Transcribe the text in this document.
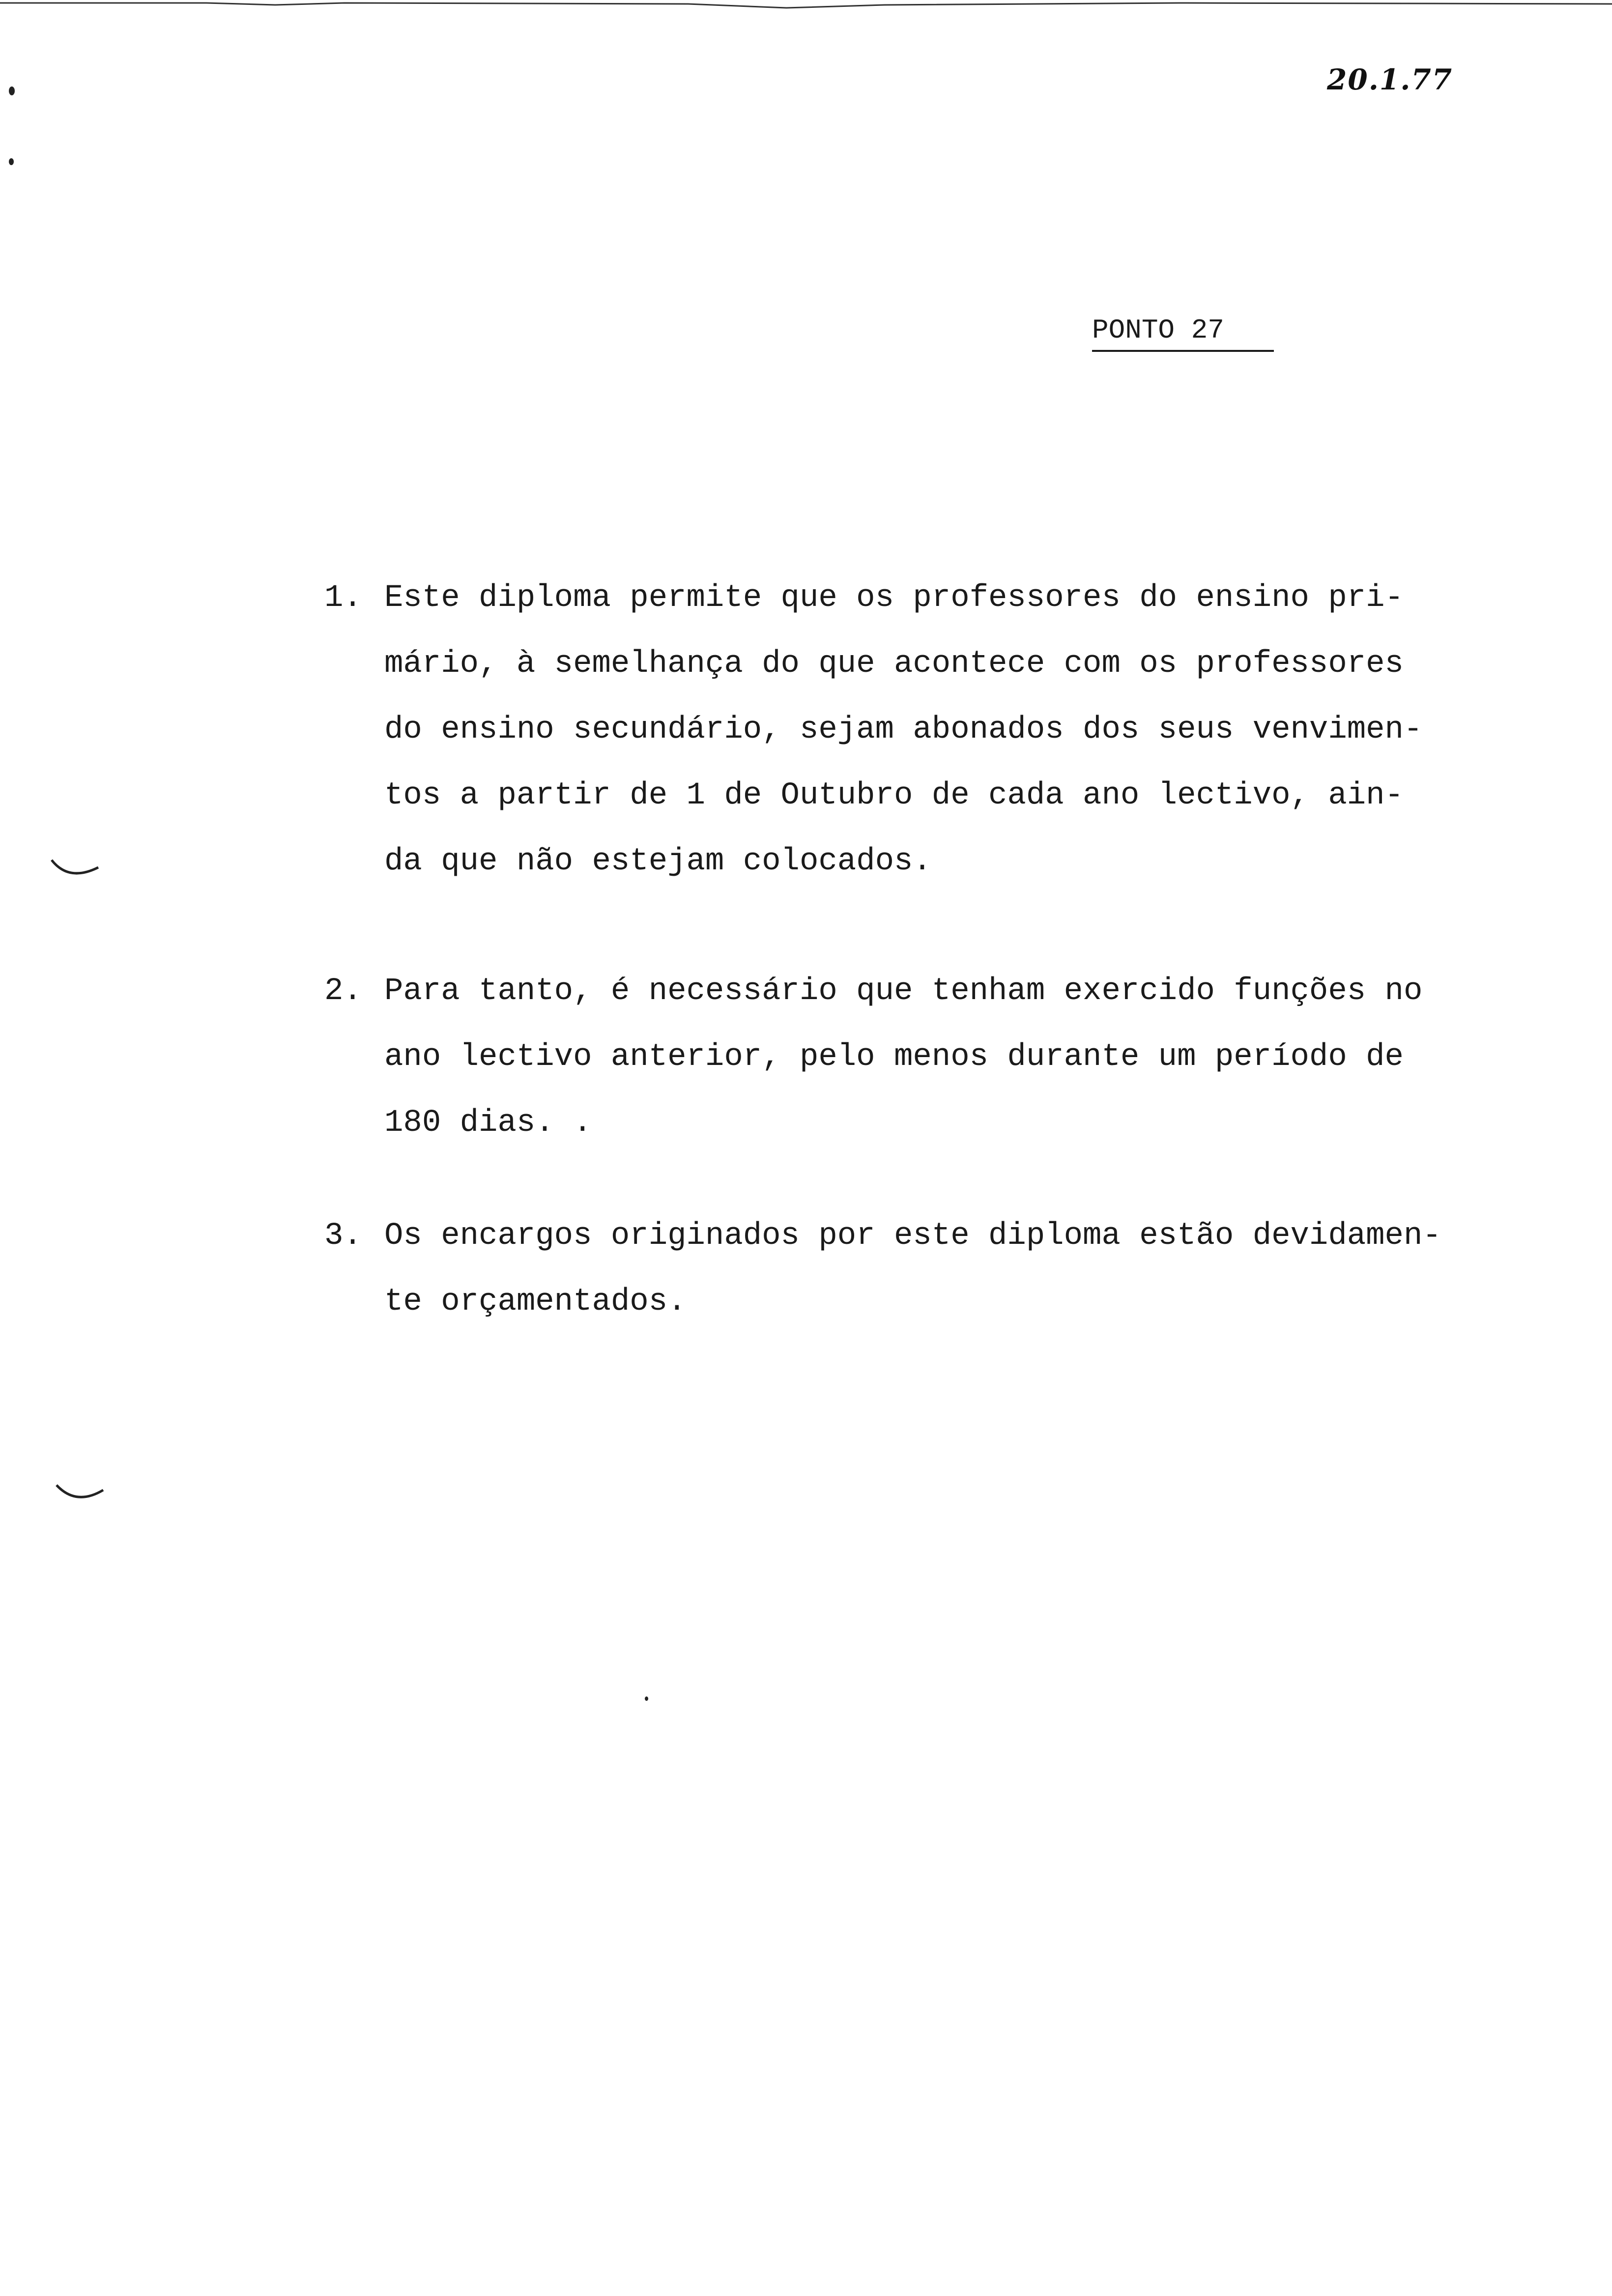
20.1.77
PONTO 27
1. Este diploma permite que os professores do ensino pri-
mário, à semelhança do que acontece com os professores
do ensino secundário, sejam abonados dos seus venvimen-
tos a partir de 1 de Outubro de cada ano lectivo, ain-
da que não estejam colocados.
2. Para tanto, é necessário que tenham exercido funções no
ano lectivo anterior, pelo menos durante um período de
180 dias. .
3. Os encargos originados por este diploma estão devidamen-
te orçamentados.
